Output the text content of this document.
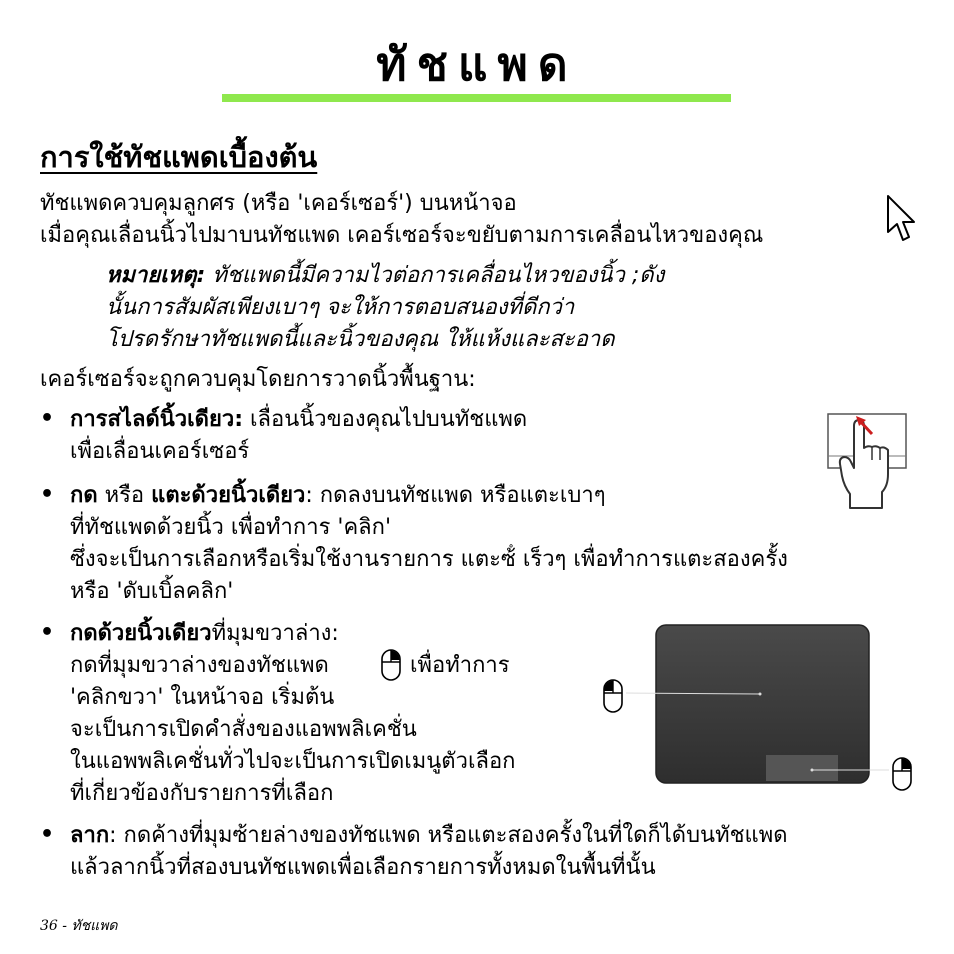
ทัชแพด
การใช้ทัชแพดเบื้องต้น
ทัชแพดควบคุมลูกศร (หรือ 'เคอร์เซอร์') บนหน้าจอ
เมื่อคุณเลื่อนนิ้วไปมาบนทัชแพด เคอร์เซอร์จะขยับตามการเคลื่อนไหวของคุณ
หมายเหตุ: ทัชแพดนี้มีความไวต่อการเคลื่อนไหวของนิ้ว ;ดัง
นั้นการสัมผัสเพียงเบาๆ จะให้การตอบสนองที่ดีกว่า
โปรดรักษาทัชแพดนี้และนิ้วของคุณ ให้แห้งและสะอาด
เคอร์เซอร์จะถูกควบคุมโดยการวาดนิ้วพื้นฐาน:
• การสไลด์นิ้วเดียว: เลื่อนนิ้วของคุณไปบนทัชแพด
เพื่อเลื่อนเคอร์เซอร์
• กด หรือ แตะด้วยนิ้วเดียว: กดลงบนทัชแพด หรือแตะเบาๆ
ที่ทัชแพดด้วยนิ้ว เพื่อทำการ 'คลิก'
ซึ่งจะเป็นการเลือกหรือเริ่มใช้งานรายการ แตะซ้ํ เร็วๆ เพื่อทำการแตะสองครั้ง
หรือ 'ดับเบิ้ลคลิก'
• กดด้วยนิ้วเดียวที่มุมขวาล่าง:
กดที่มุมขวาล่างของทัชแพด	เพื่อทำการ
'คลิกขวา' ในหน้าจอ เริ่มต้น
จะเป็นการเปิดคำสั่งของแอพพลิเคชั่น
ในแอพพลิเคชั่นทั่วไปจะเป็นการเปิดเมนูตัวเลือก
ที่เกี่ยวข้องกับรายการที่เลือก
• ลาก: กดค้างที่มุมซ้ายล่างของทัชแพด หรือแตะสองครั้งในที่ใดก็ได้บนทัชแพด
แล้วลากนิ้วที่สองบนทัชแพดเพื่อเลือกรายการทั้งหมดในพื้นที่นั้น
36 - ทัชแพด
